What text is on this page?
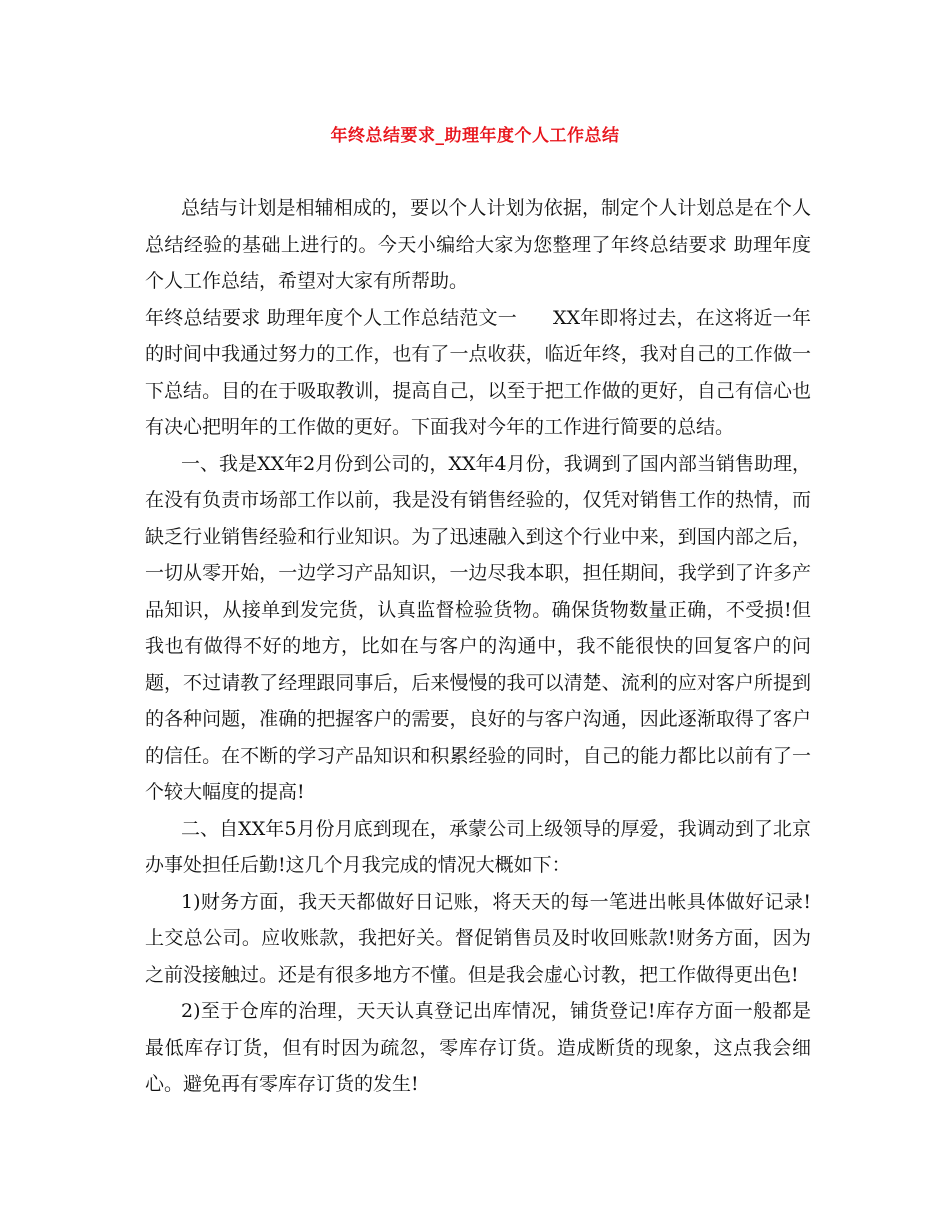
年终总结要求_助理年度个人工作总结

总结与计划是相辅相成的，要以个人计划为依据，制定个人计划总是在个人总结经验的基础上进行的。今天小编给大家为您整理了年终总结要求 助理年度个人工作总结，希望对大家有所帮助。

年终总结要求 助理年度个人工作总结范文一 XX年即将过去，在这将近一年的时间中我通过努力的工作，也有了一点收获，临近年终，我对自己的工作做一下总结。目的在于吸取教训，提高自己，以至于把工作做的更好，自己有信心也有决心把明年的工作做的更好。下面我对今年的工作进行简要的总结。

一、我是XX年2月份到公司的，XX年4月份，我调到了国内部当销售助理，在没有负责市场部工作以前，我是没有销售经验的，仅凭对销售工作的热情，而缺乏行业销售经验和行业知识。为了迅速融入到这个行业中来，到国内部之后，一切从零开始，一边学习产品知识，一边尽我本职，担任期间，我学到了许多产品知识，从接单到发完货，认真监督检验货物。确保货物数量正确，不受损!但我也有做得不好的地方，比如在与客户的沟通中，我不能很快的回复客户的问题，不过请教了经理跟同事后，后来慢慢的我可以清楚、流利的应对客户所提到的各种问题，准确的把握客户的需要，良好的与客户沟通，因此逐渐取得了客户的信任。在不断的学习产品知识和积累经验的同时，自己的能力都比以前有了一个较大幅度的提高!

二、自XX年5月份月底到现在，承蒙公司上级领导的厚爱，我调动到了北京办事处担任后勤!这几个月我完成的情况大概如下：

1)财务方面，我天天都做好日记账，将天天的每一笔进出帐具体做好记录!上交总公司。应收账款，我把好关。督促销售员及时收回账款!财务方面，因为之前没接触过。还是有很多地方不懂。但是我会虚心讨教，把工作做得更出色!

2)至于仓库的治理，天天认真登记出库情况，铺货登记!库存方面一般都是最低库存订货，但有时因为疏忽，零库存订货。造成断货的现象，这点我会细心。避免再有零库存订货的发生!
